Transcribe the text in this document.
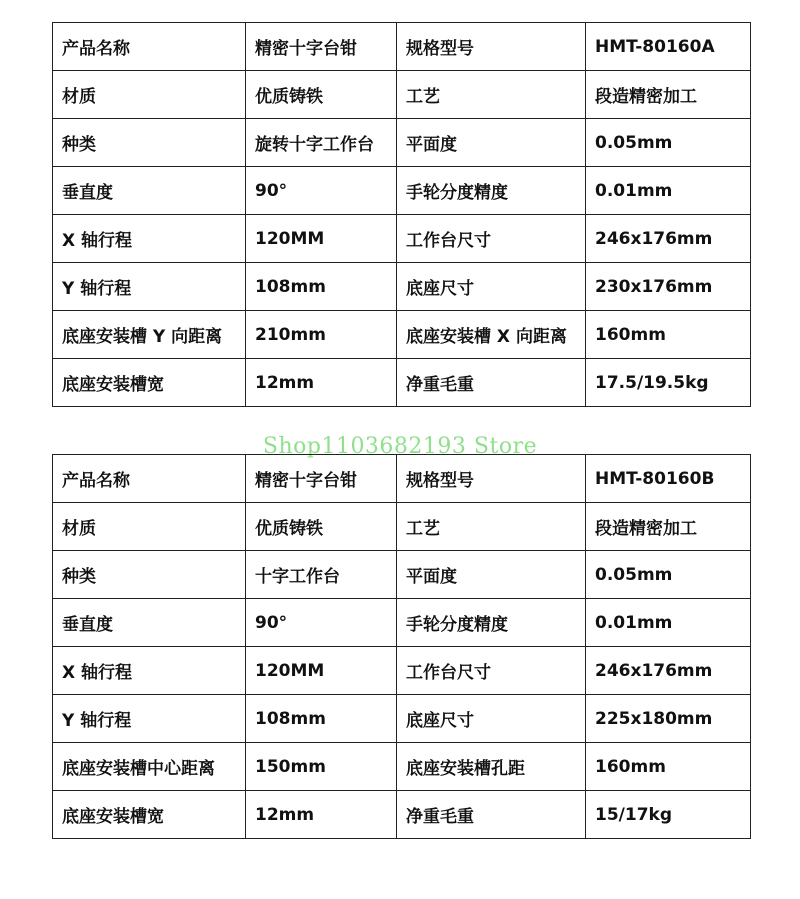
产品名称	精密十字台钳	规格型号	HMT-80160A
材质	优质铸铁	工艺	段造精密加工
种类	旋转十字工作台	平面度	0.05mm
垂直度	90°	手轮分度精度	0.01mm
X 轴行程	120MM	工作台尺寸	246x176mm
Y 轴行程	108mm	底座尺寸	230x176mm
底座安装槽 Y 向距离	210mm	底座安装槽 X 向距离	160mm
底座安装槽宽	12mm	净重毛重	17.5/19.5kg
Shop1103682193 Store
产品名称	精密十字台钳	规格型号	HMT-80160B
材质	优质铸铁	工艺	段造精密加工
种类	十字工作台	平面度	0.05mm
垂直度	90°	手轮分度精度	0.01mm
X 轴行程	120MM	工作台尺寸	246x176mm
Y 轴行程	108mm	底座尺寸	225x180mm
底座安装槽中心距离	150mm	底座安装槽孔距	160mm
底座安装槽宽	12mm	净重毛重	15/17kg
